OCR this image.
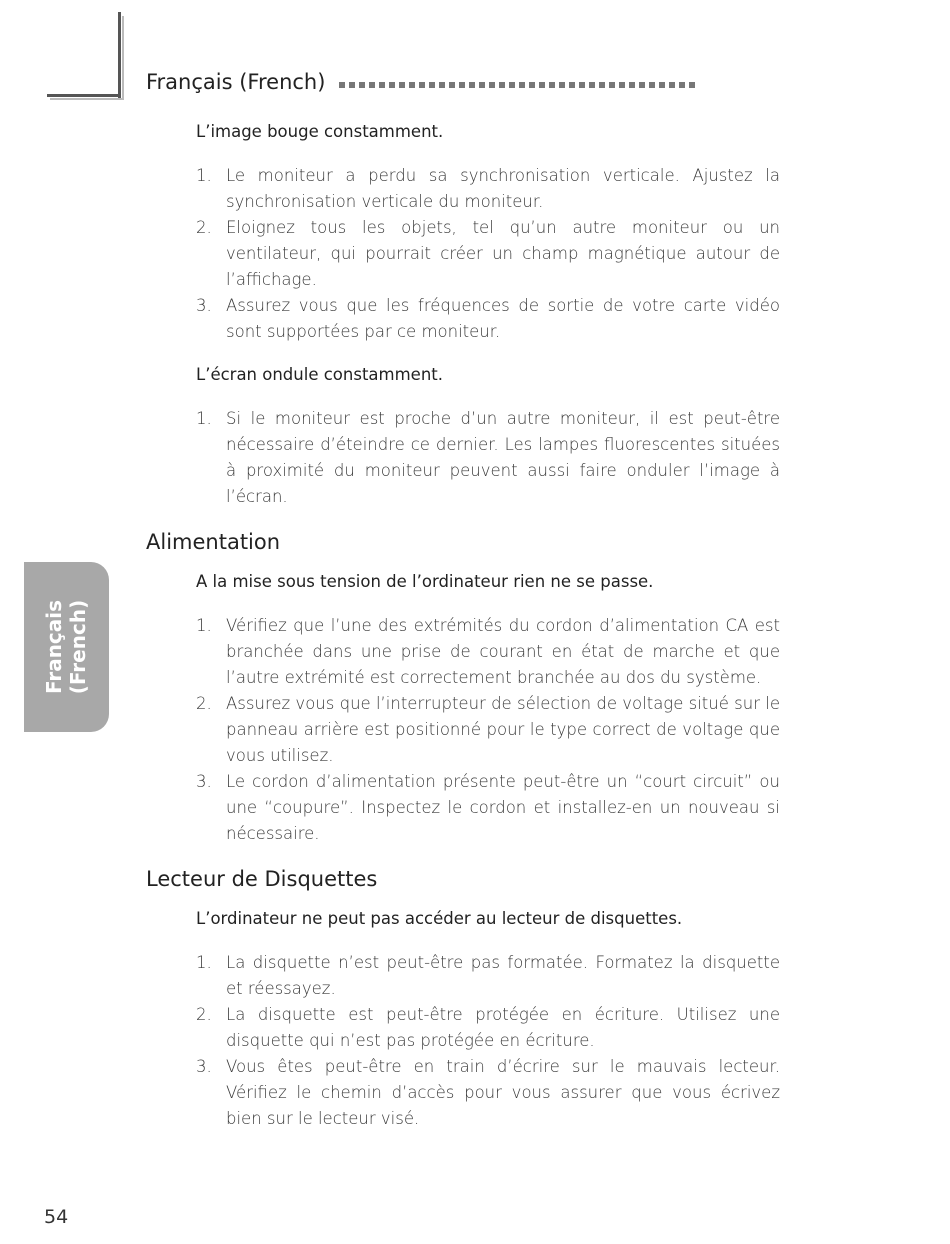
Français (French)
Français (French)
L’image bouge constamment.
1. Le moniteur a perdu sa synchronisation verticale. Ajustez la synchronisation verticale du moniteur.
2. Eloignez tous les objets, tel qu’un autre moniteur ou un ventilateur, qui pourrait créer un champ magnétique autour de l’affichage.
3. Assurez vous que les fréquences de sortie de votre carte vidéo sont supportées par ce moniteur.
L’écran ondule constamment.
1. Si le moniteur est proche d’un autre moniteur, il est peut-être nécessaire d’éteindre ce dernier. Les lampes fluorescentes situées à proximité du moniteur peuvent aussi faire onduler l’image à l’écran.
Alimentation
A la mise sous tension de l’ordinateur rien ne se passe.
1. Vérifiez que l’une des extrémités du cordon d’alimentation CA est branchée dans une prise de courant en état de marche et que l’autre extrémité est correctement branchée au dos du système.
2. Assurez vous que l’interrupteur de sélection de voltage situé sur le panneau arrière est positionné pour le type correct de voltage que vous utilisez.
3. Le cordon d’alimentation présente peut-être un “court circuit” ou une “coupure”. Inspectez le cordon et installez-en un nouveau si nécessaire.
Lecteur de Disquettes
L’ordinateur ne peut pas accéder au lecteur de disquettes.
1. La disquette n’est peut-être pas formatée. Formatez la disquette et réessayez.
2. La disquette est peut-être protégée en écriture. Utilisez une disquette qui n’est pas protégée en écriture.
3. Vous êtes peut-être en train d’écrire sur le mauvais lecteur. Vérifiez le chemin d’accès pour vous assurer que vous écrivez bien sur le lecteur visé.
54
